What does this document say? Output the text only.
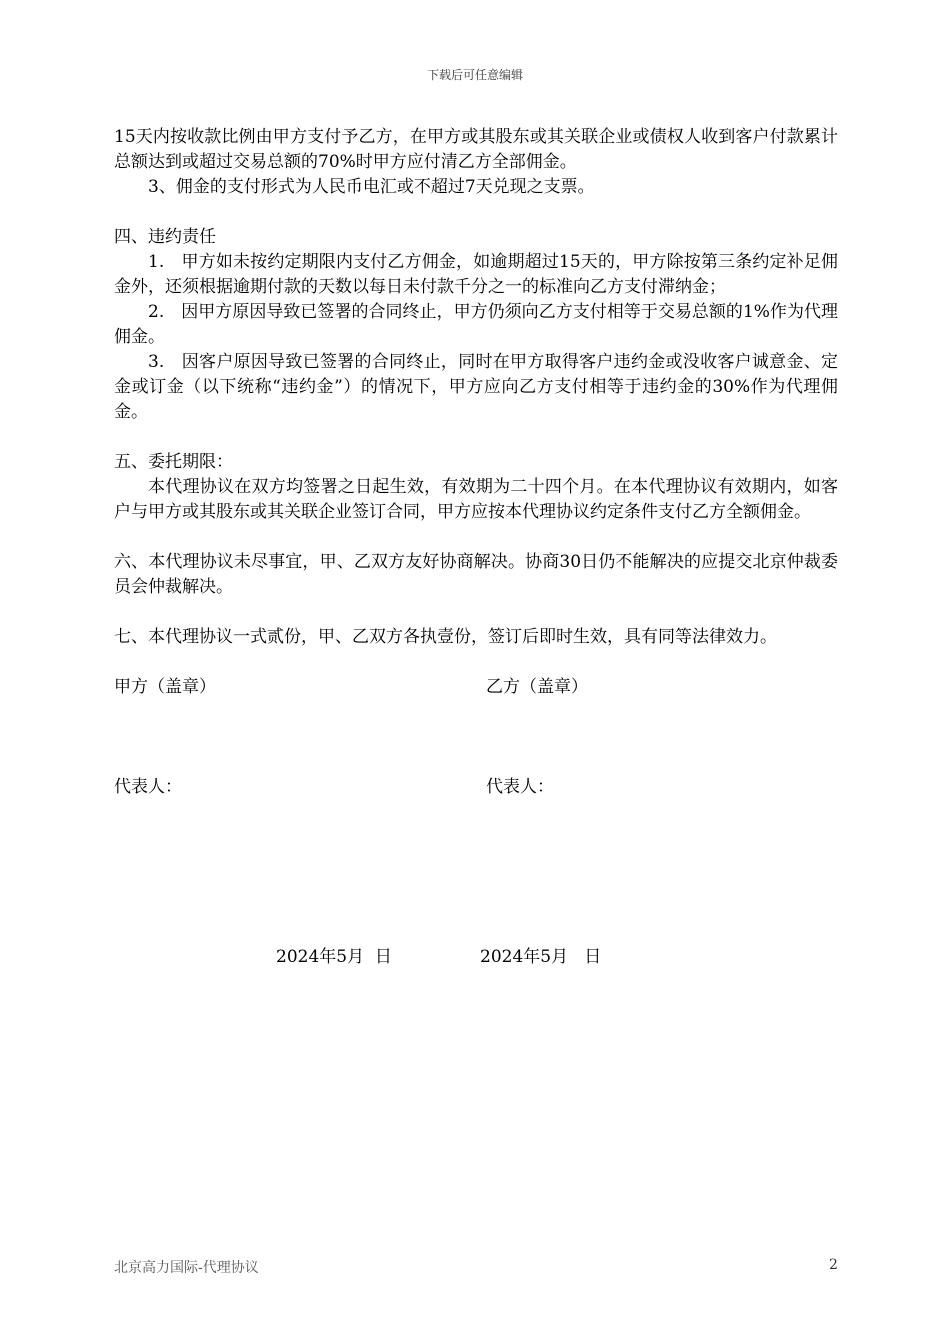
下载后可任意编辑

15天内按收款比例由甲方支付予乙方，在甲方或其股东或其关联企业或债权人收到客户付款累计总额达到或超过交易总额的70%时甲方应付清乙方全部佣金。

3、佣金的支付形式为人民币电汇或不超过7天兑现之支票。

四、违约责任

1.　甲方如未按约定期限内支付乙方佣金，如逾期超过15天的，甲方除按第三条约定补足佣金外，还须根据逾期付款的天数以每日未付款千分之一的标准向乙方支付滞纳金；

2.　因甲方原因导致已签署的合同终止，甲方仍须向乙方支付相等于交易总额的1%作为代理佣金。

3.　因客户原因导致已签署的合同终止，同时在甲方取得客户违约金或没收客户诚意金、定金或订金（以下统称“违约金”）的情况下，甲方应向乙方支付相等于违约金的30%作为代理佣金。

五、委托期限：

本代理协议在双方均签署之日起生效，有效期为二十四个月。在本代理协议有效期内，如客户与甲方或其股东或其关联企业签订合同，甲方应按本代理协议约定条件支付乙方全额佣金。

六、本代理协议未尽事宜，甲、乙双方友好协商解决。协商30日仍不能解决的应提交北京仲裁委员会仲裁解决。

七、本代理协议一式贰份，甲、乙双方各执壹份，签订后即时生效，具有同等法律效力。

甲方（盖章）	乙方（盖章）
代表人：	代表人：
2024年5月  日	2024年5月   日
北京高力国际-代理协议	2
